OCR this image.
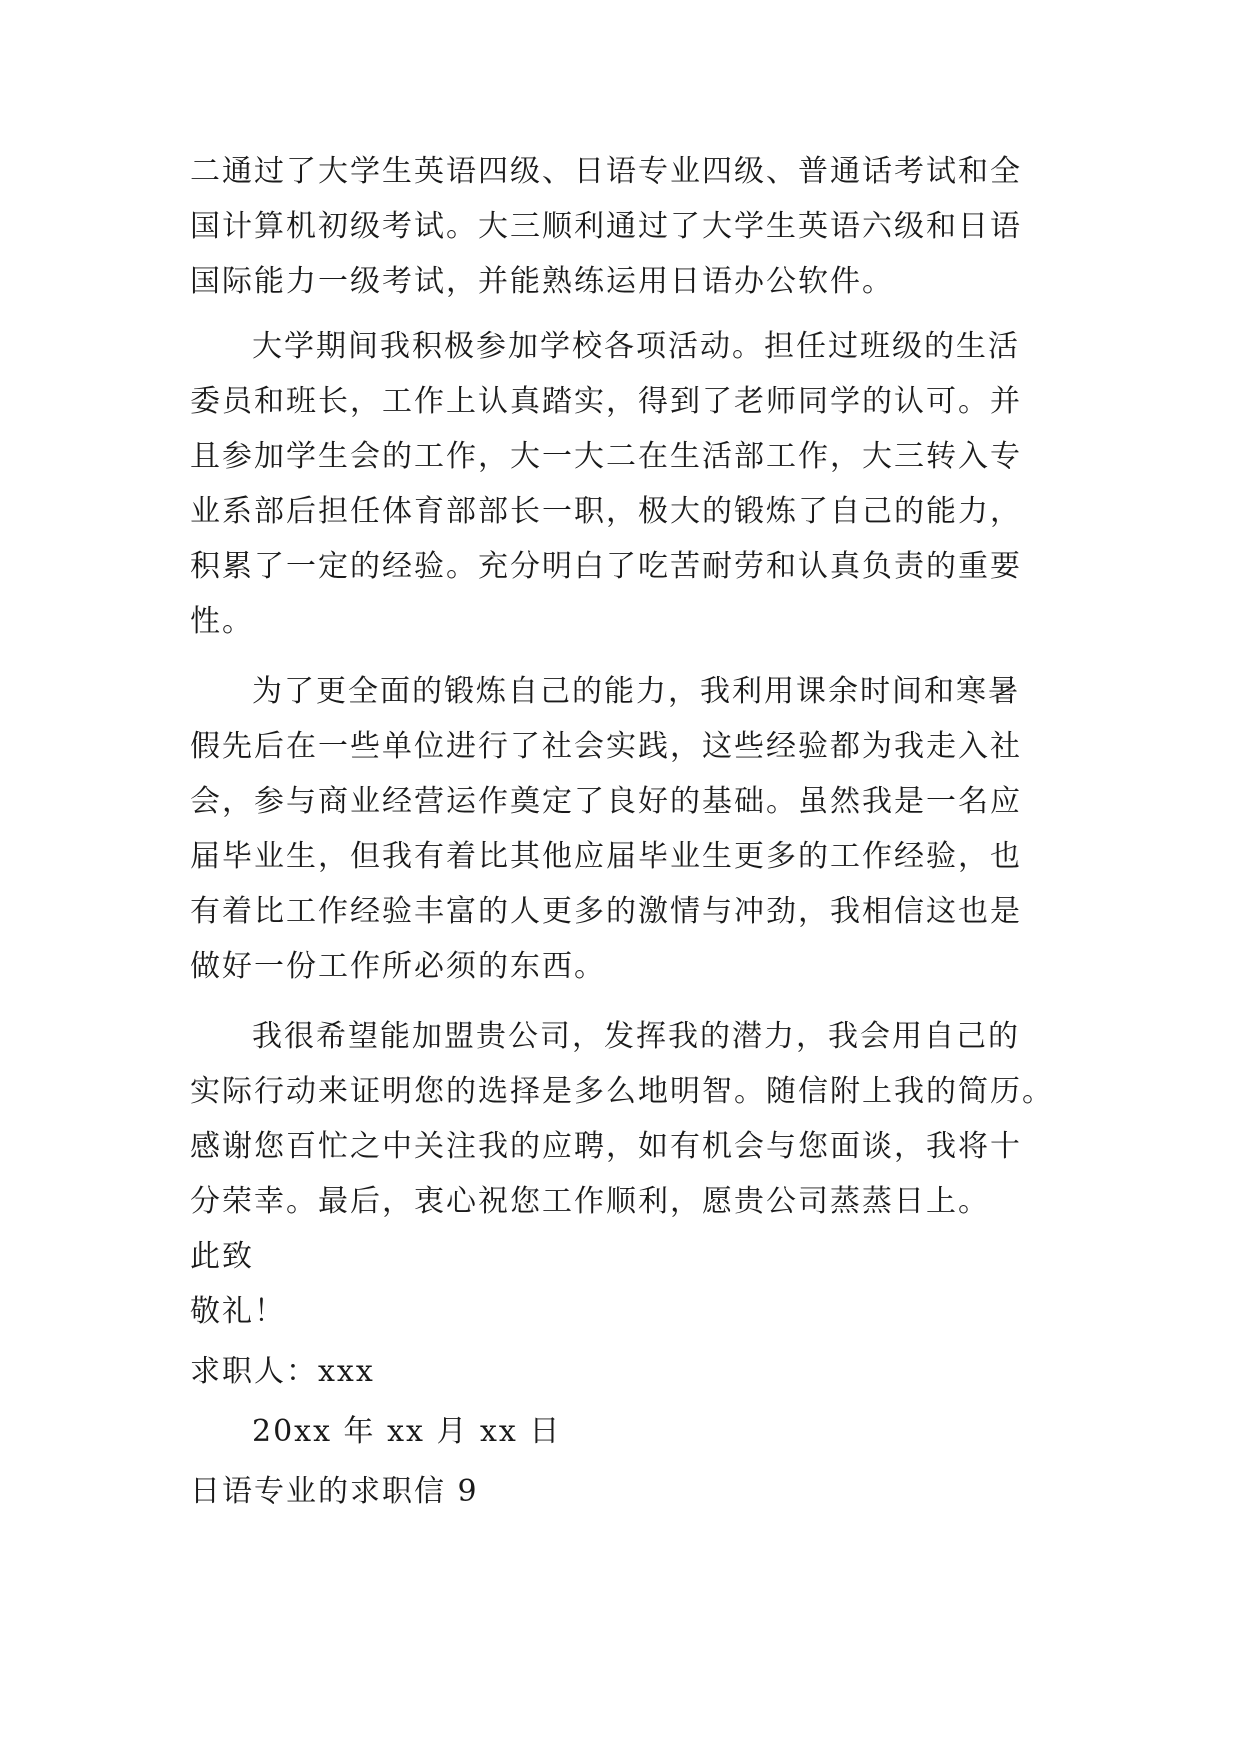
二通过了大学生英语四级、日语专业四级、普通话考试和全
国计算机初级考试。大三顺利通过了大学生英语六级和日语
国际能力一级考试，并能熟练运用日语办公软件。
大学期间我积极参加学校各项活动。担任过班级的生活
委员和班长，工作上认真踏实，得到了老师同学的认可。并
且参加学生会的工作，大一大二在生活部工作，大三转入专
业系部后担任体育部部长一职，极大的锻炼了自己的能力，
积累了一定的经验。充分明白了吃苦耐劳和认真负责的重要
性。
为了更全面的锻炼自己的能力，我利用课余时间和寒暑
假先后在一些单位进行了社会实践，这些经验都为我走入社
会，参与商业经营运作奠定了良好的基础。虽然我是一名应
届毕业生，但我有着比其他应届毕业生更多的工作经验，也
有着比工作经验丰富的人更多的激情与冲劲，我相信这也是
做好一份工作所必须的东西。
我很希望能加盟贵公司，发挥我的潜力，我会用自己的
实际行动来证明您的选择是多么地明智。随信附上我的简历。
感谢您百忙之中关注我的应聘，如有机会与您面谈，我将十
分荣幸。最后，衷心祝您工作顺利，愿贵公司蒸蒸日上。
此致
敬礼！
求职人：xxx
20xx 年 xx 月 xx 日
日语专业的求职信 9
